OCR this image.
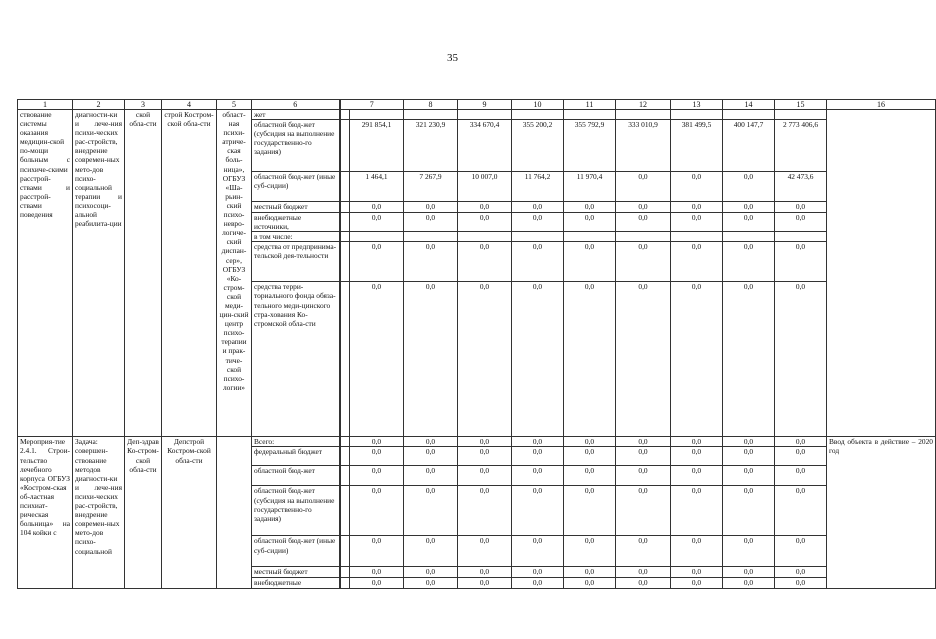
35
1	2	3	4	5	6	7		8	9	10	11	12	13	14	15	16
ствование системы оказания медицин-ской по-мощи больным с психиче-скими расстрой-ствами и расстрой-ствами поведения	диагности-ки и лече-ния психи-ческих рас-стройств, внедрение современ-ных мето-дов психо-социальной терапии и психосоци-альной реабилита-ции	ской обла-сти	строй Костром-ской обла-сти	област-ная психи-атриче-ская боль-ница», ОГБУЗ «Ша-рьин-ский психо-невро-логиче-ский диспан-сер», ОГБУЗ «Ко-стром-ской меди-цин-ский центр психо-терапии и прак-тиче-ской психо-логии»	жет											
					областной бюд-жет (субсидия на выполнение государственно-го задания)		291 854,1	321 230,9	334 670,4	355 200,2	355 792,9	333 010,9	381 499,5	400 147,7	2 773 406,6	
					областной бюд-жет (иные суб-сидии)		1 464,1	7 267,9	10 007,0	11 764,2	11 970,4	0,0	0,0	0,0	42 473,6	
					местный бюджет		0,0	0,0	0,0	0,0	0,0	0,0	0,0	0,0	0,0	
					внебюджетные источники,		0,0	0,0	0,0	0,0	0,0	0,0	0,0	0,0	0,0	
					в том числе:											
					средства от предпринима-тельской дея-тельности		0,0	0,0	0,0	0,0	0,0	0,0	0,0	0,0	0,0	
					средства терри-ториального фонда обяза-тельного меди-цинского стра-хования Ко-стромской обла-сти		0,0	0,0	0,0	0,0	0,0	0,0	0,0	0,0	0,0	
Мероприя-тие 2.4.1. Строи-тельство лечебного корпуса ОГБУЗ «Костром-ская об-ластная психиат-рическая больница» на 104 койки с	Задача: совершен-ствование методов диагности-ки и лече-ния психи-ческих рас-стройств, внедрение современ-ных мето-дов психо-социальной	Деп-здрав Ко-стром-ской обла-сти	Депстрой Костром-ской обла-сти		Всего:		0,0	0,0	0,0	0,0	0,0	0,0	0,0	0,0	0,0	Ввод объекта в действие – 2020 год
					федеральный бюджет		0,0	0,0	0,0	0,0	0,0	0,0	0,0	0,0	0,0	
					областной бюд-жет		0,0	0,0	0,0	0,0	0,0	0,0	0,0	0,0	0,0	
					областной бюд-жет (субсидия на выполнение государственно-го задания)		0,0	0,0	0,0	0,0	0,0	0,0	0,0	0,0	0,0	
					областной бюд-жет (иные суб-сидии)		0,0	0,0	0,0	0,0	0,0	0,0	0,0	0,0	0,0	
					местный бюджет		0,0	0,0	0,0	0,0	0,0	0,0	0,0	0,0	0,0	
					внебюджетные		0,0	0,0	0,0	0,0	0,0	0,0	0,0	0,0	0,0	
